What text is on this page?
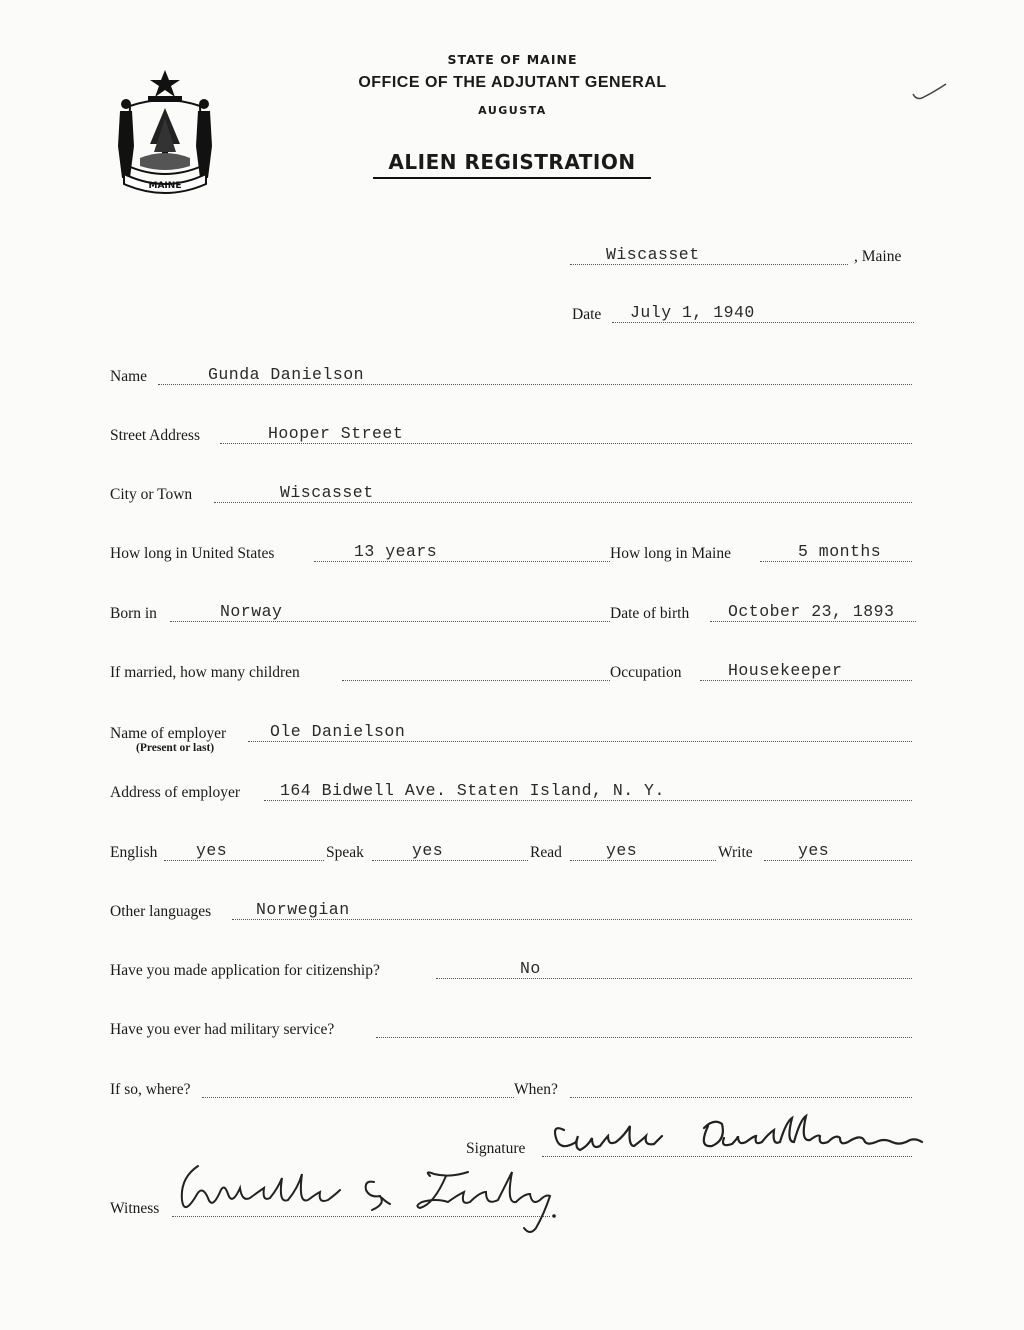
MAINE
STATE OF MAINE
OFFICE OF THE ADJUTANT GENERAL
AUGUSTA
ALIEN REGISTRATION
Wiscasset	, Maine
Date July 1, 1940
Name	Gunda Danielson
Street Address	Hooper Street
City or Town	Wiscasset
How long in United States	13 years	How long in Maine	5 months
Born in	Norway	Date of birth October 23, 1893
If married, how many children	Occupation	Housekeeper
Name of employer	Ole Danielson
(Present or last)
Address of employer 164 Bidwell Ave. Staten Island, N. Y.
English yes	Speak	yes	Read	yes	Write	yes
Other languages	Norwegian
Have you made application for citizenship?	No
Have you ever had military service?
If so, where?	When?
Signature
Witness
